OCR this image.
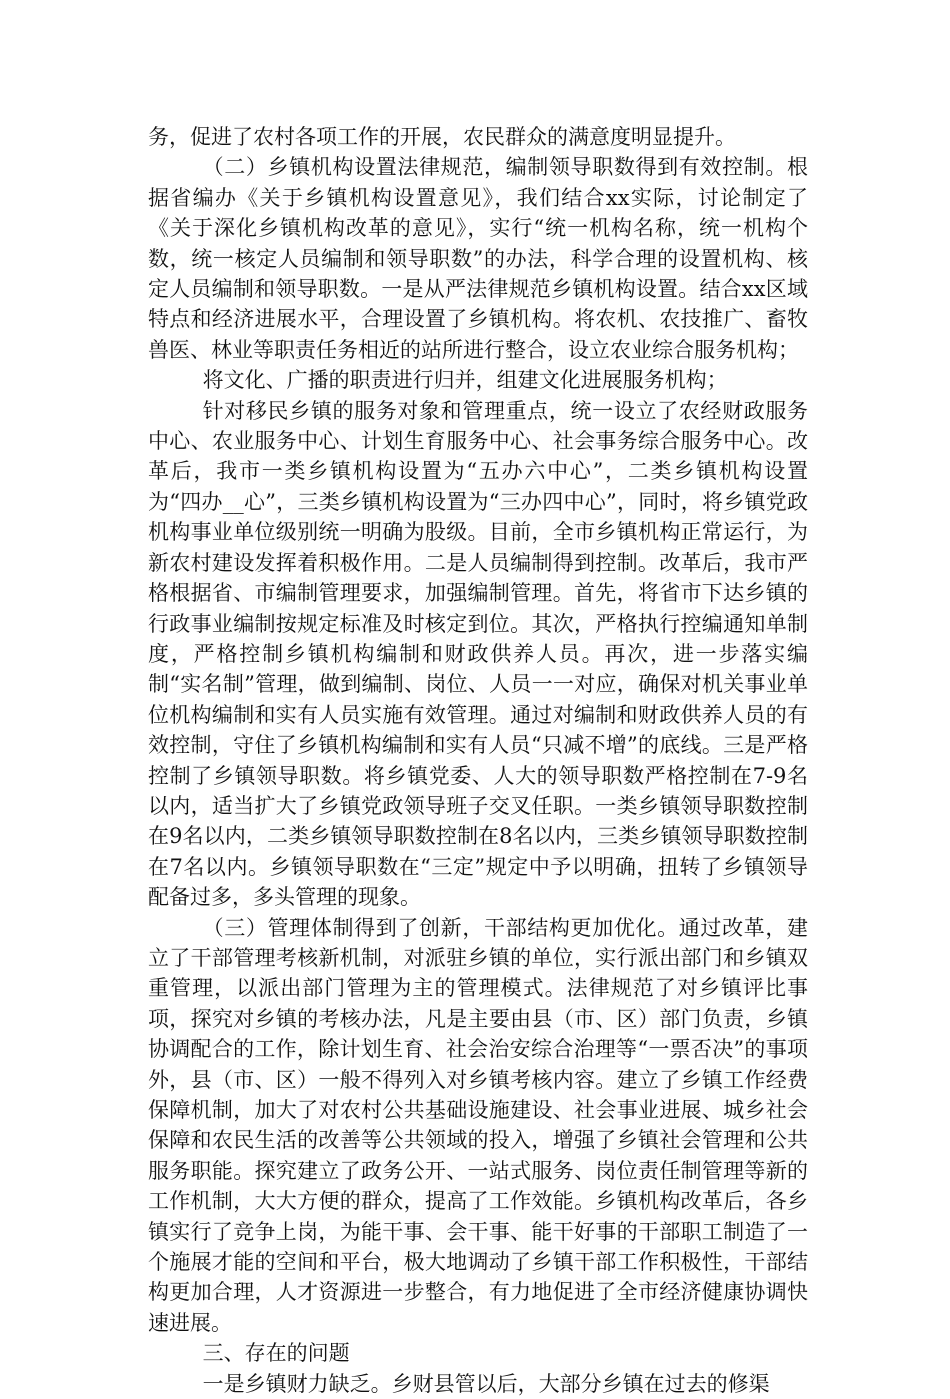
务，促进了农村各项工作的开展，农民群众的满意度明显提升。

（二）乡镇机构设置法律规范，编制领导职数得到有效控制。根据省编办《关于乡镇机构设置意见》，我们结合xx实际，讨论制定了《关于深化乡镇机构改革的意见》，实行“统一机构名称，统一机构个数，统一核定人员编制和领导职数”的办法，科学合理的设置机构、核定人员编制和领导职数。一是从严法律规范乡镇机构设置。结合xx区域特点和经济进展水平，合理设置了乡镇机构。将农机、农技推广、畜牧兽医、林业等职责任务相近的站所进行整合，设立农业综合服务机构；

将文化、广播的职责进行归并，组建文化进展服务机构；

针对移民乡镇的服务对象和管理重点，统一设立了农经财政服务中心、农业服务中心、计划生育服务中心、社会事务综合服务中心。改革后，我市一类乡镇机构设置为“五办六中心”，二类乡镇机构设置为“四办__心”，三类乡镇机构设置为“三办四中心”，同时，将乡镇党政机构事业单位级别统一明确为股级。目前，全市乡镇机构正常运行，为新农村建设发挥着积极作用。二是人员编制得到控制。改革后，我市严格根据省、市编制管理要求，加强编制管理。首先，将省市下达乡镇的行政事业编制按规定标准及时核定到位。其次，严格执行控编通知单制度，严格控制乡镇机构编制和财政供养人员。再次，进一步落实编制“实名制”管理，做到编制、岗位、人员一一对应，确保对机关事业单位机构编制和实有人员实施有效管理。通过对编制和财政供养人员的有效控制，守住了乡镇机构编制和实有人员“只减不增”的底线。三是严格控制了乡镇领导职数。将乡镇党委、人大的领导职数严格控制在7-9名以内，适当扩大了乡镇党政领导班子交叉任职。一类乡镇领导职数控制在9名以内，二类乡镇领导职数控制在8名以内，三类乡镇领导职数控制在7名以内。乡镇领导职数在“三定”规定中予以明确，扭转了乡镇领导配备过多，多头管理的现象。

（三）管理体制得到了创新，干部结构更加优化。通过改革，建立了干部管理考核新机制，对派驻乡镇的单位，实行派出部门和乡镇双重管理，以派出部门管理为主的管理模式。法律规范了对乡镇评比事项，探究对乡镇的考核办法，凡是主要由县（市、区）部门负责，乡镇协调配合的工作，除计划生育、社会治安综合治理等“一票否决”的事项外，县（市、区）一般不得列入对乡镇考核内容。建立了乡镇工作经费保障机制，加大了对农村公共基础设施建设、社会事业进展、城乡社会保障和农民生活的改善等公共领域的投入，增强了乡镇社会管理和公共服务职能。探究建立了政务公开、一站式服务、岗位责任制管理等新的工作机制，大大方便的群众，提高了工作效能。乡镇机构改革后，各乡镇实行了竞争上岗，为能干事、会干事、能干好事的干部职工制造了一个施展才能的空间和平台，极大地调动了乡镇干部工作积极性，干部结构更加合理，人才资源进一步整合，有力地促进了全市经济健康协调快速进展。

三、存在的问题

一是乡镇财力缺乏。乡财县管以后，大部分乡镇在过去的修渠
